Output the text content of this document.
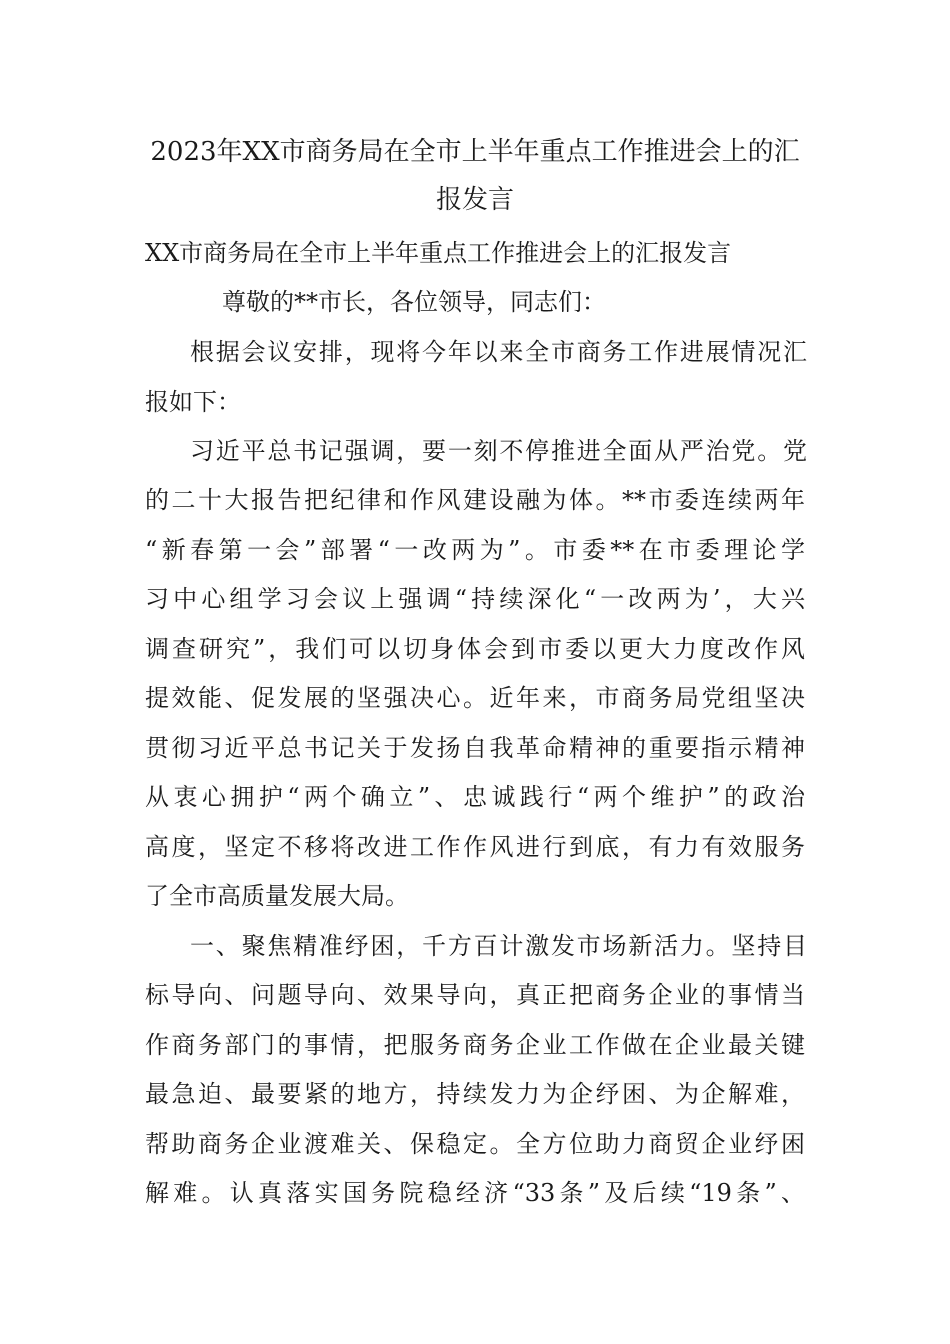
2023年XX市商务局在全市上半年重点工作推进会上的汇
报发言

XX市商务局在全市上半年重点工作推进会上的汇报发言

尊敬的**市长，各位领导，同志们：

根据会议安排，现将今年以来全市商务工作进展情况汇

报如下：

习近平总书记强调，要一刻不停推进全面从严治党。党

的二十大报告把纪律和作风建设融为体。**市委连续两年

“新春第一会”部署“一改两为”。市委**在市委理论学

习中心组学习会议上强调“持续深化“一改两为’，大兴

调查研究”，我们可以切身体会到市委以更大力度改作风

提效能、促发展的坚强决心。近年来，市商务局党组坚决

贯彻习近平总书记关于发扬自我革命精神的重要指示精神

从衷心拥护“两个确立”、忠诚践行“两个维护”的政治

高度，坚定不移将改进工作作风进行到底，有力有效服务

了全市高质量发展大局。

一、聚焦精准纾困，千方百计激发市场新活力。坚持目

标导向、问题导向、效果导向，真正把商务企业的事情当

作商务部门的事情，把服务商务企业工作做在企业最关键

最急迫、最要紧的地方，持续发力为企纾困、为企解难，

帮助商务企业渡难关、保稳定。全方位助力商贸企业纾困

解难。认真落实国务院稳经济“33条”及后续“19条”、
